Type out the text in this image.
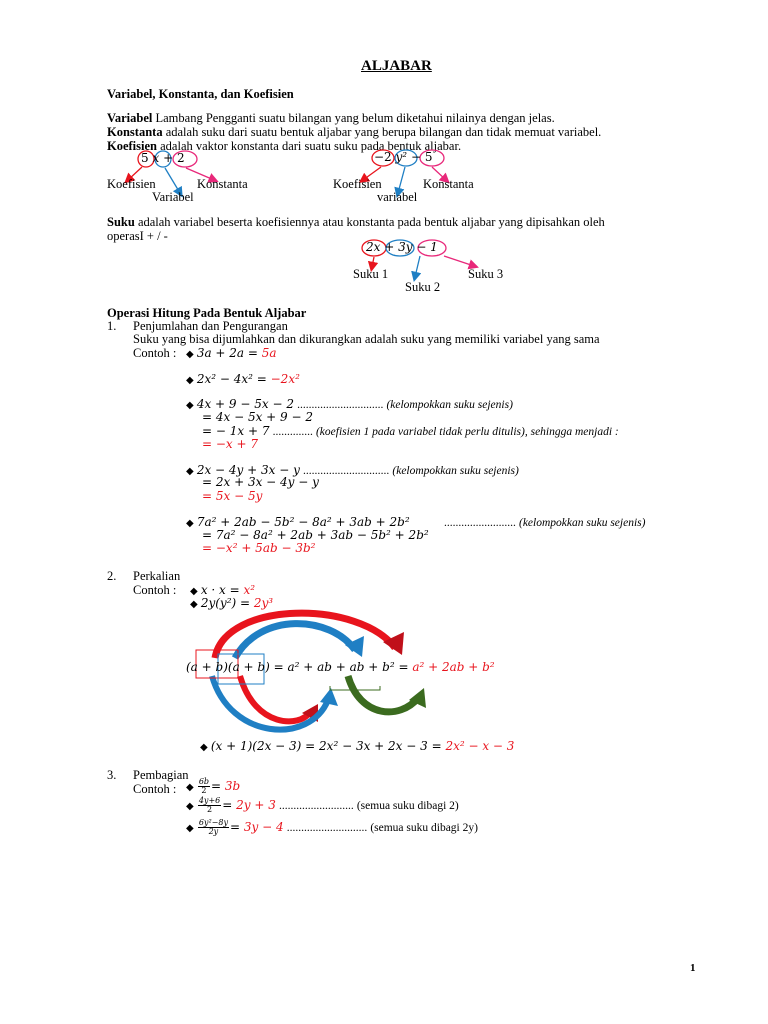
ALJABAR
Variabel, Konstanta, dan Koefisien
Variabel Lambang Pengganti suatu bilangan yang belum diketahui nilainya dengan jelas.
Konstanta adalah suku dari suatu bentuk aljabar yang berupa bilangan dan tidak memuat variabel.
Koefisien adalah vaktor konstanta dari suatu suku pada bentuk aljabar.
5 x + 2
Koefisien	Konstanta
Variabel
−2 y² − 5
Koefisien	Konstanta
variabel
Suku adalah variabel beserta koefisiennya atau konstanta pada bentuk aljabar yang dipisahkan oleh
operasI + / -
2x + 3y − 1
Suku 1
Suku 2
Suku 3
Operasi Hitung Pada Bentuk Aljabar
1. Penjumlahan dan Pengurangan
Suku yang bisa dijumlahkan dan dikurangkan adalah suku yang memiliki variabel yang sama
Contoh : ◆ 3a + 2a = 5a
◆ 2x² − 4x² = −2x²
◆ 4x + 9 − 5x − 2 .............................. (kelompokkan suku sejenis)
= 4x − 5x + 9 − 2
= − 1x + 7 .............. (koefisien 1 pada variabel tidak perlu ditulis), sehingga menjadi :
= −x + 7
◆ 2x − 4y + 3x − y .............................. (kelompokkan suku sejenis)
= 2x + 3x − 4y − y
= 5x − 5y
◆ 7a² + 2ab − 5b² − 8a² + 3ab + 2b²	......................... (kelompokkan suku sejenis)
= 7a² − 8a² + 2ab + 3ab − 5b² + 2b²
= −x² + 5ab − 3b²
2. Perkalian
Contoh : ◆ x · x = x²
◆ 2y(y²) = 2y³
(a + b)(a + b) = a² + ab + ab + b² = a² + 2ab + b²
◆ (x + 1)(2x − 3) = 2x² − 3x + 2x − 3 = 2x² − x − 3
3. Pembagian
Contoh : ◆ $\frac{6b}{2} = 3b$
◆ $\frac{4y+6}{2} = 2y + 3$ .......................... (semua suku dibagi 2)
◆ $\frac{\text{6y²−8y}}{2y} = 3y - 4$ ............................ (semua suku dibagi 2y)
1
